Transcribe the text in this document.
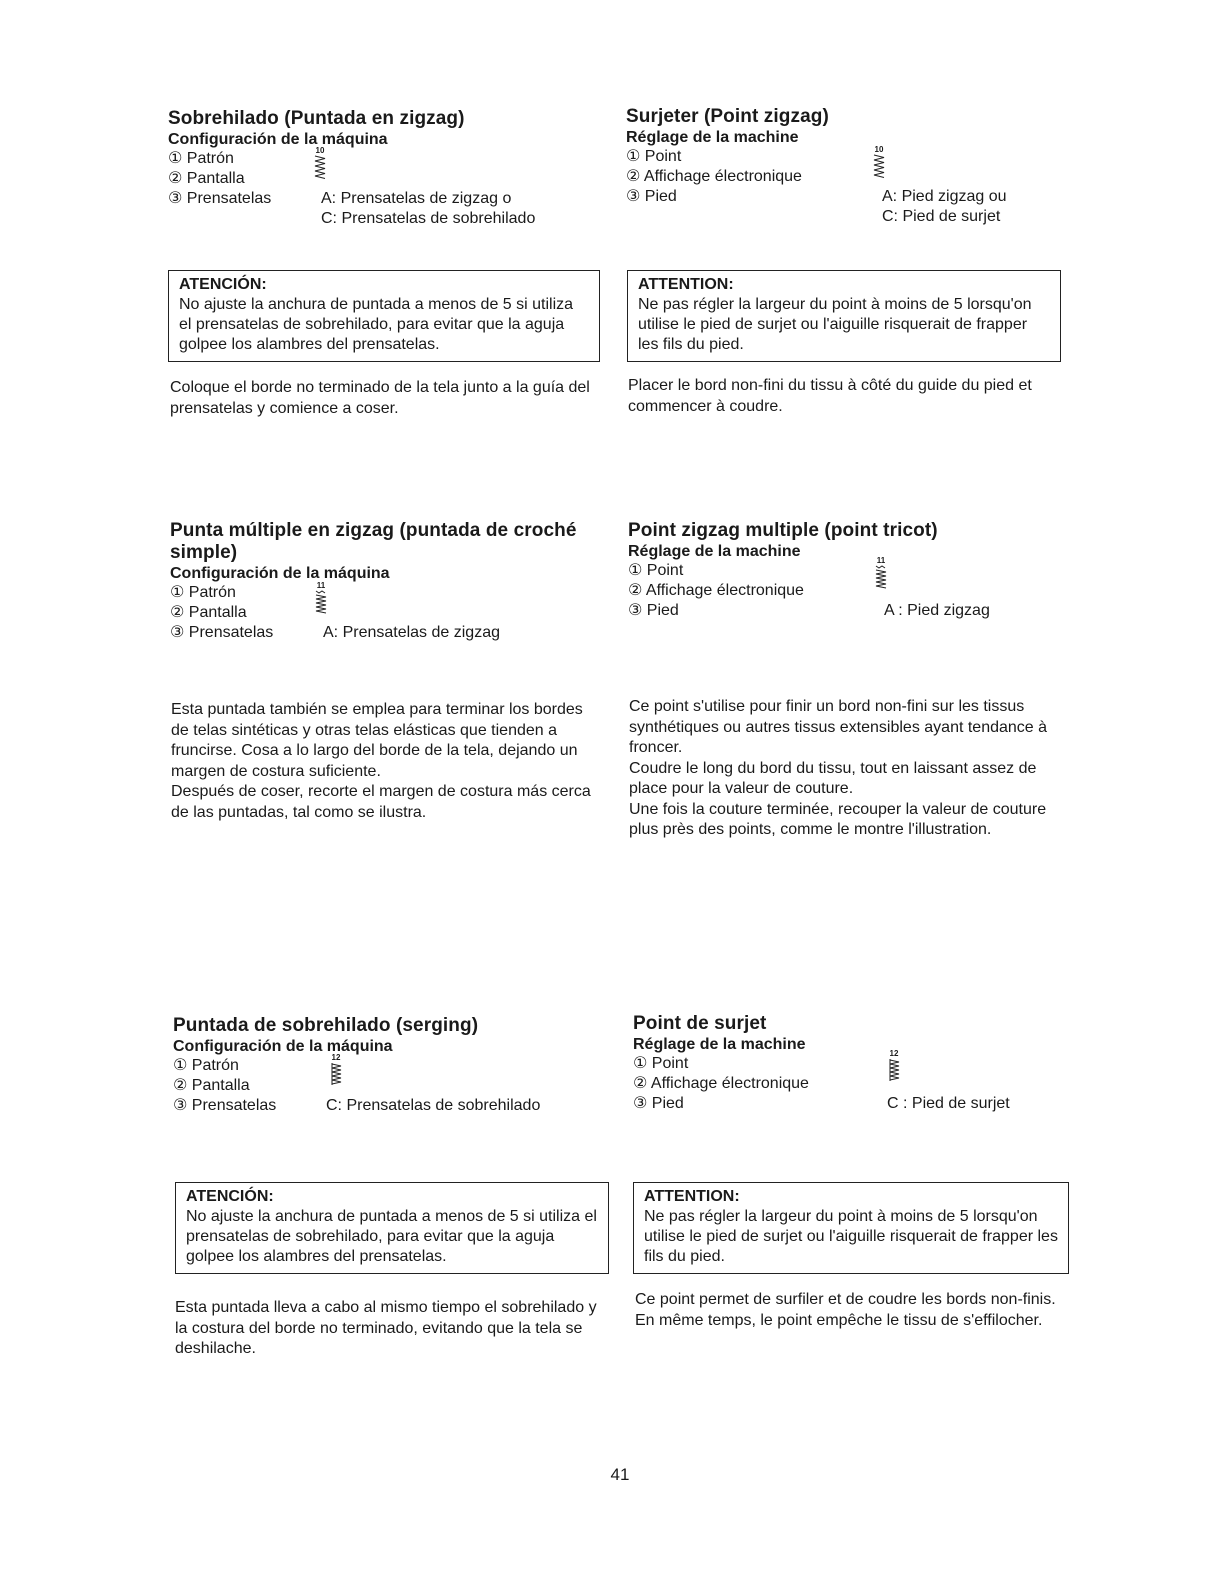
Sobrehilado (Puntada en zigzag)
Configuración de la máquina
① Patrón
② Pantalla
③ Prensatelas	A: Prensatelas de zigzag o
C: Prensatelas de sobrehilado
10
ATENCIÓN:
No ajuste la anchura de puntada a menos de 5 si utiliza el prensatelas de sobrehilado, para evitar que la aguja golpee los alambres del prensatelas.

Coloque el borde no terminado de la tela junto a la guía del prensatelas y comience a coser.

Surjeter (Point zigzag)
Réglage de la machine
① Point
② Affichage électronique
③ Pied	A: Pied zigzag ou
C: Pied de surjet
10
ATTENTION:
Ne pas régler la largeur du point à moins de 5 lorsqu'on utilise le pied de surjet ou l'aiguille risquerait de frapper les fils du pied.

Placer le bord non-fini du tissu à côté du guide du pied et commencer à coudre.

Punta múltiple en zigzag (puntada de croché
simple)
Configuración de la máquina
① Patrón
② Pantalla
③ Prensatelas	A: Prensatelas de zigzag
11

Esta puntada también se emplea para terminar los bordes de telas sintéticas y otras telas elásticas que tienden a fruncirse. Cosa a lo largo del borde de la tela, dejando un margen de costura suficiente.

Después de coser, recorte el margen de costura más cerca de las puntadas, tal como se ilustra.

Point zigzag multiple (point tricot)
Réglage de la machine
① Point
② Affichage électronique
③ Pied	A : Pied zigzag
11

Ce point s'utilise pour finir un bord non-fini sur les tissus synthétiques ou autres tissus extensibles ayant tendance à froncer.

Coudre le long du bord du tissu, tout en laissant assez de place pour la valeur de couture.

Une fois la couture terminée, recouper la valeur de couture plus près des points, comme le montre l'illustration.

Puntada de sobrehilado (serging)
Configuración de la máquina
① Patrón
② Pantalla
③ Prensatelas	C: Prensatelas de sobrehilado
12
ATENCIÓN:
No ajuste la anchura de puntada a menos de 5 si utiliza el prensatelas de sobrehilado, para evitar que la aguja golpee los alambres del prensatelas.

Esta puntada lleva a cabo al mismo tiempo el sobrehilado y la costura del borde no terminado, evitando que la tela se deshilache.

Point de surjet
Réglage de la machine
① Point
② Affichage électronique
③ Pied	C : Pied de surjet
12
ATTENTION:
Ne pas régler la largeur du point à moins de 5 lorsqu'on utilise le pied de surjet ou l'aiguille risquerait de frapper les fils du pied.

Ce point permet de surfiler et de coudre les bords non-finis. En même temps, le point empêche le tissu de s'effilocher.

41
